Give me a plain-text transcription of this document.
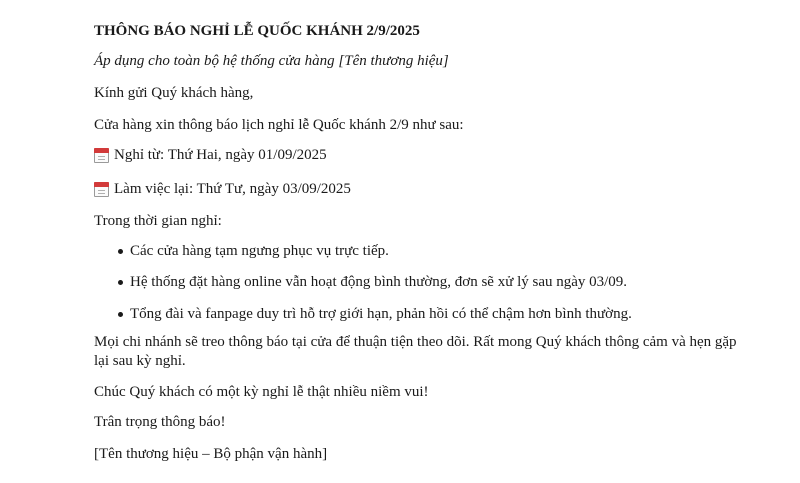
THÔNG BÁO NGHỈ LỄ QUỐC KHÁNH 2/9/2025
Áp dụng cho toàn bộ hệ thống cửa hàng [Tên thương hiệu]
Kính gửi Quý khách hàng,
Cửa hàng xin thông báo lịch nghỉ lễ Quốc khánh 2/9 như sau:
Nghỉ từ: Thứ Hai, ngày 01/09/2025
Làm việc lại: Thứ Tư, ngày 03/09/2025
Trong thời gian nghỉ:
Các cửa hàng tạm ngưng phục vụ trực tiếp.
Hệ thống đặt hàng online vẫn hoạt động bình thường, đơn sẽ xử lý sau ngày 03/09.
Tổng đài và fanpage duy trì hỗ trợ giới hạn, phản hồi có thể chậm hơn bình thường.
Mọi chi nhánh sẽ treo thông báo tại cửa để thuận tiện theo dõi. Rất mong Quý khách thông cảm và hẹn gặp lại sau kỳ nghỉ.
Chúc Quý khách có một kỳ nghỉ lễ thật nhiều niềm vui!
Trân trọng thông báo!
[Tên thương hiệu – Bộ phận vận hành]
